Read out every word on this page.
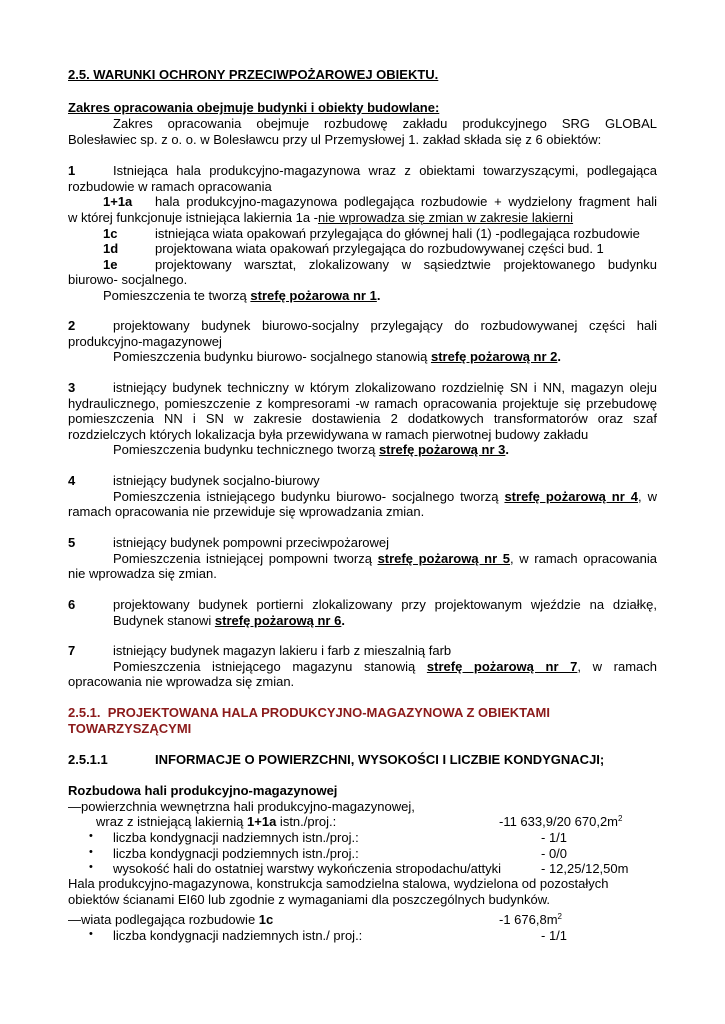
2.5. WARUNKI OCHRONY PRZECIWPOŻAROWEJ OBIEKTU.
Zakres opracowania obejmuje budynki i obiekty budowlane:
Zakres opracowania obejmuje rozbudowę zakładu produkcyjnego SRG GLOBAL
Bolesławiec sp. z o. o. w Bolesławcu przy ul Przemysłowej 1. zakład składa się z 6 obiektów:
1	Istniejąca hala produkcyjno-magazynowa wraz z obiektami towarzyszącymi, podlegająca
rozbudowie w ramach opracowania
1+1a hala produkcyjno-magazynowa podlegająca rozbudowie + wydzielony fragment hali
w której funkcjonuje istniejąca lakiernia 1a -nie wprowadza się zmian w zakresie lakierni
1c	istniejąca wiata opakowań przylegająca do głównej hali (1) -podlegająca rozbudowie
1d	projektowana wiata opakowań przylegająca do rozbudowywanej części bud. 1
1e	projektowany warsztat, zlokalizowany w sąsiedztwie projektowanego budynku
biurowo- socjalnego.
Pomieszczenia te tworzą strefę pożarowa nr 1.
2	projektowany budynek biurowo-socjalny przylegający do rozbudowywanej części hali
produkcyjno-magazynowej
Pomieszczenia budynku biurowo- socjalnego stanowią strefę pożarową nr 2.
3	istniejący budynek techniczny w którym zlokalizowano rozdzielnię SN i NN, magazyn oleju
hydraulicznego, pomieszczenie z kompresorami -w ramach opracowania projektuje się przebudowę
pomieszczenia NN i SN w zakresie dostawienia 2 dodatkowych transformatorów oraz szaf
rozdzielczych których lokalizacja była przewidywana w ramach pierwotnej budowy zakładu
Pomieszczenia budynku technicznego tworzą strefę pożarową nr 3.
4	istniejący budynek socjalno-biurowy
Pomieszczenia istniejącego budynku biurowo- socjalnego tworzą strefę pożarową nr 4, w
ramach opracowania nie przewiduje się wprowadzania zmian.
5	istniejący budynek pompowni przeciwpożarowej
Pomieszczenia istniejącej pompowni tworzą strefę pożarową nr 5, w ramach opracowania
nie wprowadza się zmian.
6	projektowany budynek portierni zlokalizowany przy projektowanym wjeździe na działkę,
Budynek stanowi strefę pożarową nr 6.
7	istniejący budynek magazyn lakieru i farb z mieszalnią farb
Pomieszczenia istniejącego magazynu stanowią strefę pożarową nr 7, w ramach
opracowania nie wprowadza się zmian.
2.5.1.  PROJEKTOWANA HALA PRODUKCYJNO-MAGAZYNOWA Z OBIEKTAMI
TOWARZYSZĄCYMI
2.5.1.1	INFORMACJE O POWIERZCHNI, WYSOKOŚCI I LICZBIE KONDYGNACJI;
Rozbudowa hali produkcyjno-magazynowej
—powierzchnia wewnętrzna hali produkcyjno-magazynowej,
wraz z istniejącą lakiernią 1+1a istn./proj.:	-11 633,9/20 $670,2m^2$
• liczba kondygnacji nadziemnych istn./proj.:	- 1/1
• liczba kondygnacji podziemnych istn./proj.:	- 0/0
• wysokość hali do ostatniej warstwy wykończenia stropodachu/attyki	- 12,25/12,50m
Hala produkcyjno-magazynowa, konstrukcja samodzielna stalowa, wydzielona od pozostałych
obiektów ścianami EI60 lub zgodnie z wymaganiami dla poszczególnych budynków.
—wiata podlegająca rozbudowie 1c	-1 $676,8m^2$
• liczba kondygnacji nadziemnych istn./ proj.:	- 1/1
